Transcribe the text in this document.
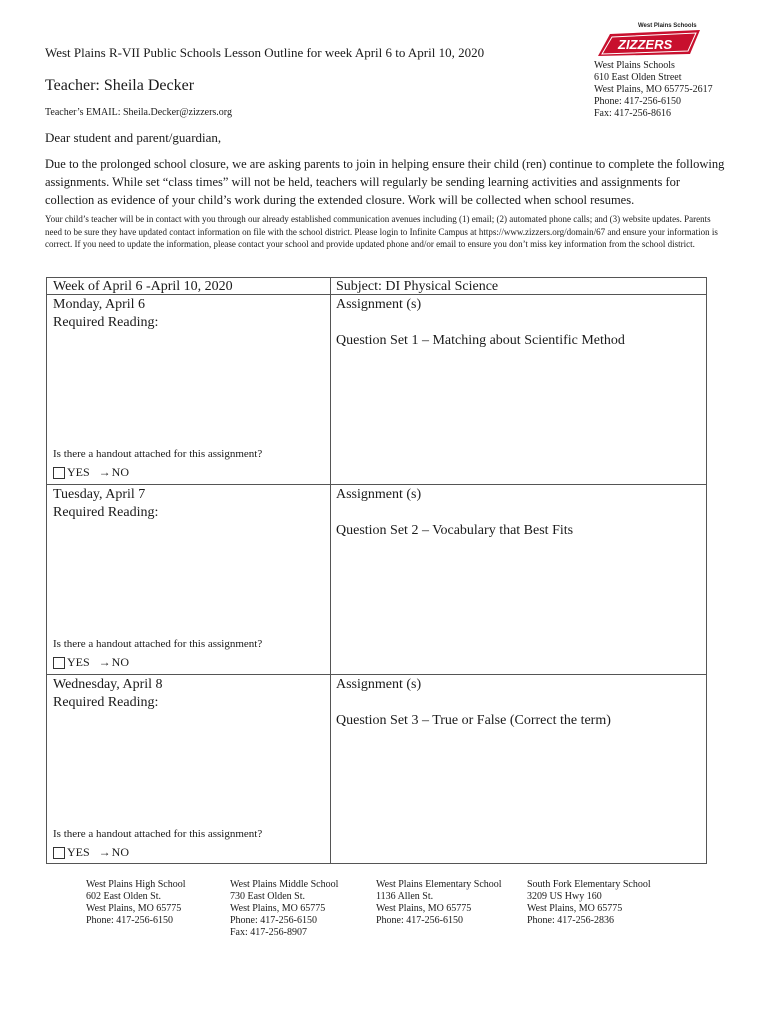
West Plains R-VII Public Schools Lesson Outline for week April 6 to April 10, 2020
Teacher: Sheila Decker
Teacher’s EMAIL: Sheila.Decker@zizzers.org
West Plains Schools
ZIZZERS
West Plains Schools
610 East Olden Street
West Plains, MO 65775-2617
Phone: 417-256-6150
Fax: 417-256-8616
Dear student and parent/guardian,
Due to the prolonged school closure, we are asking parents to join in helping ensure their child (ren) continue to complete the following assignments. While set “class times” will not be held, teachers will regularly be sending learning activities and assignments for collection as evidence of your child’s work during the extended closure. Work will be collected when school resumes.
Your child’s teacher will be in contact with you through our already established communication avenues including (1) email; (2) automated phone calls; and (3) website updates. Parents need to be sure they have updated contact information on file with the school district. Please login to Infinite Campus at https://www.zizzers.org/domain/67 and ensure your information is correct. If you need to update the information, please contact your school and provide updated phone and/or email to ensure you don’t miss key information from the school district.
Week of April 6 -April 10, 2020	Subject: DI Physical Science
Monday, April 6
Required Reading:
Assignment (s)
Question Set 1 – Matching about Scientific Method
Is there a handout attached for this assignment?
YES → NO
Tuesday, April 7
Required Reading:
Assignment (s)
Question Set 2 – Vocabulary that Best Fits
Is there a handout attached for this assignment?
YES → NO
Wednesday, April 8
Required Reading:
Assignment (s)
Question Set 3 – True or False (Correct the term)
Is there a handout attached for this assignment?
YES → NO
West Plains High School
602 East Olden St.
West Plains, MO 65775
Phone: 417-256-6150
West Plains Middle School
730 East Olden St.
West Plains, MO 65775
Phone: 417-256-6150
Fax: 417-256-8907
West Plains Elementary School
1136 Allen St.
West Plains, MO 65775
Phone: 417-256-6150
South Fork Elementary School
3209 US Hwy 160
West Plains, MO 65775
Phone: 417-256-2836
